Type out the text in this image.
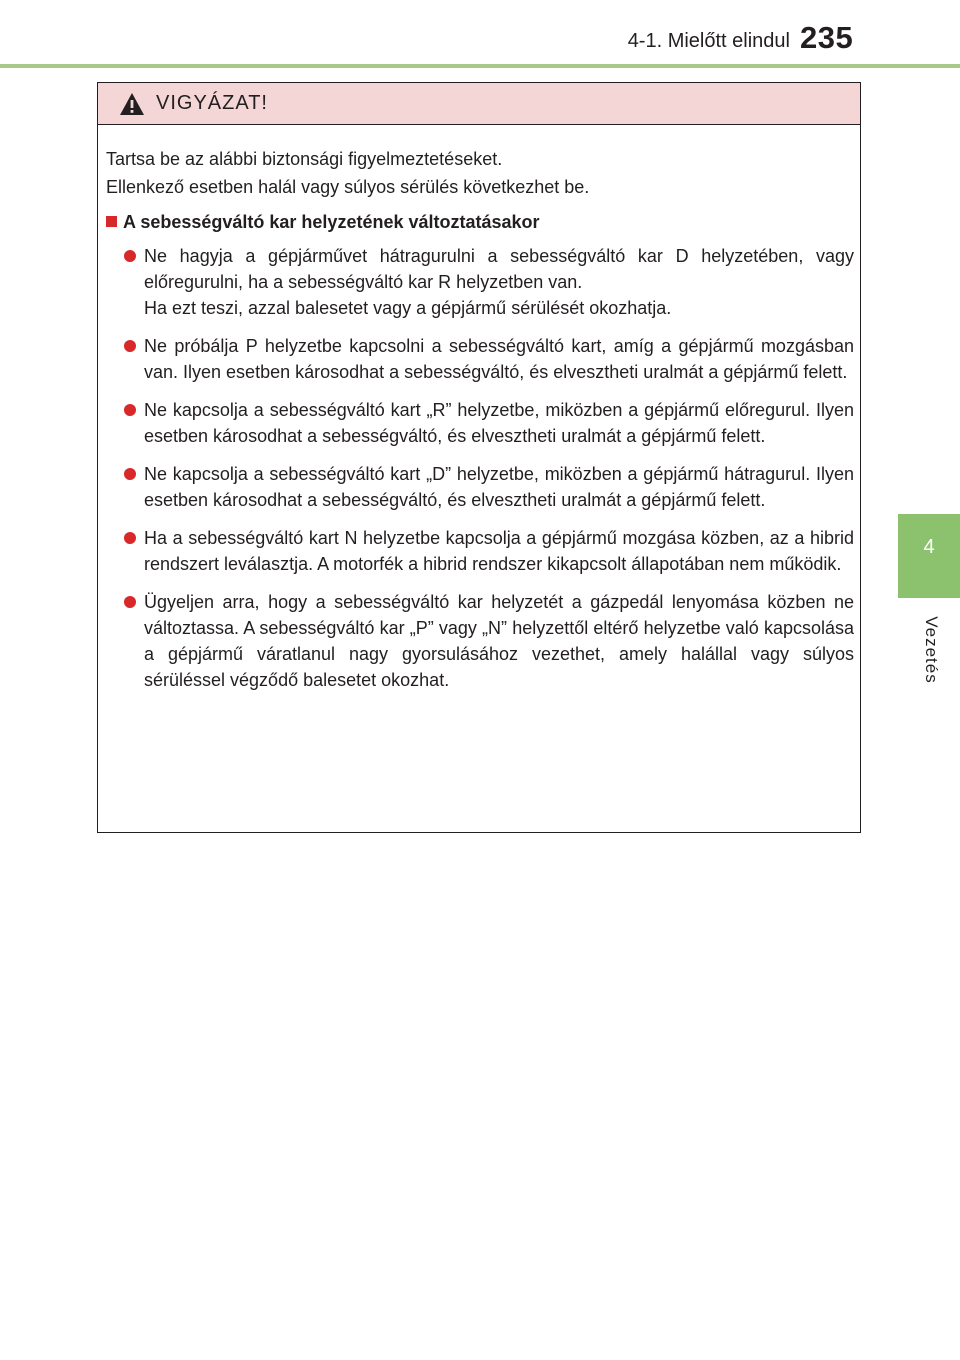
4-1. Mielőtt elindul 235
4
Vezetés
VIGYÁZAT!
Tartsa be az alábbi biztonsági figyelmeztetéseket.
Ellenkező esetben halál vagy súlyos sérülés következhet be.
A sebességváltó kar helyzetének változtatásakor
Ne hagyja a gépjárművet hátragurulni a sebességváltó kar D helyzetében, vagy előregurulni, ha a sebességváltó kar R helyzetben van.
Ha ezt teszi, azzal balesetet vagy a gépjármű sérülését okozhatja.
Ne próbálja P helyzetbe kapcsolni a sebességváltó kart, amíg a gépjármű mozgásban van. Ilyen esetben károsodhat a sebességváltó, és elvesztheti uralmát a gépjármű felett.
Ne kapcsolja a sebességváltó kart „R” helyzetbe, miközben a gépjármű előregurul. Ilyen esetben károsodhat a sebességváltó, és elvesztheti uralmát a gépjármű felett.
Ne kapcsolja a sebességváltó kart „D” helyzetbe, miközben a gépjármű hátragurul. Ilyen esetben károsodhat a sebességváltó, és elvesztheti uralmát a gépjármű felett.
Ha a sebességváltó kart N helyzetbe kapcsolja a gépjármű mozgása közben, az a hibrid rendszert leválasztja. A motorfék a hibrid rendszer kikapcsolt állapotában nem működik.
Ügyeljen arra, hogy a sebességváltó kar helyzetét a gázpedál lenyomása közben ne változtassa. A sebességváltó kar „P” vagy „N” helyzettől eltérő helyzetbe való kapcsolása a gépjármű váratlanul nagy gyorsulásához vezethet, amely halállal vagy súlyos sérüléssel végződő balesetet okozhat.
